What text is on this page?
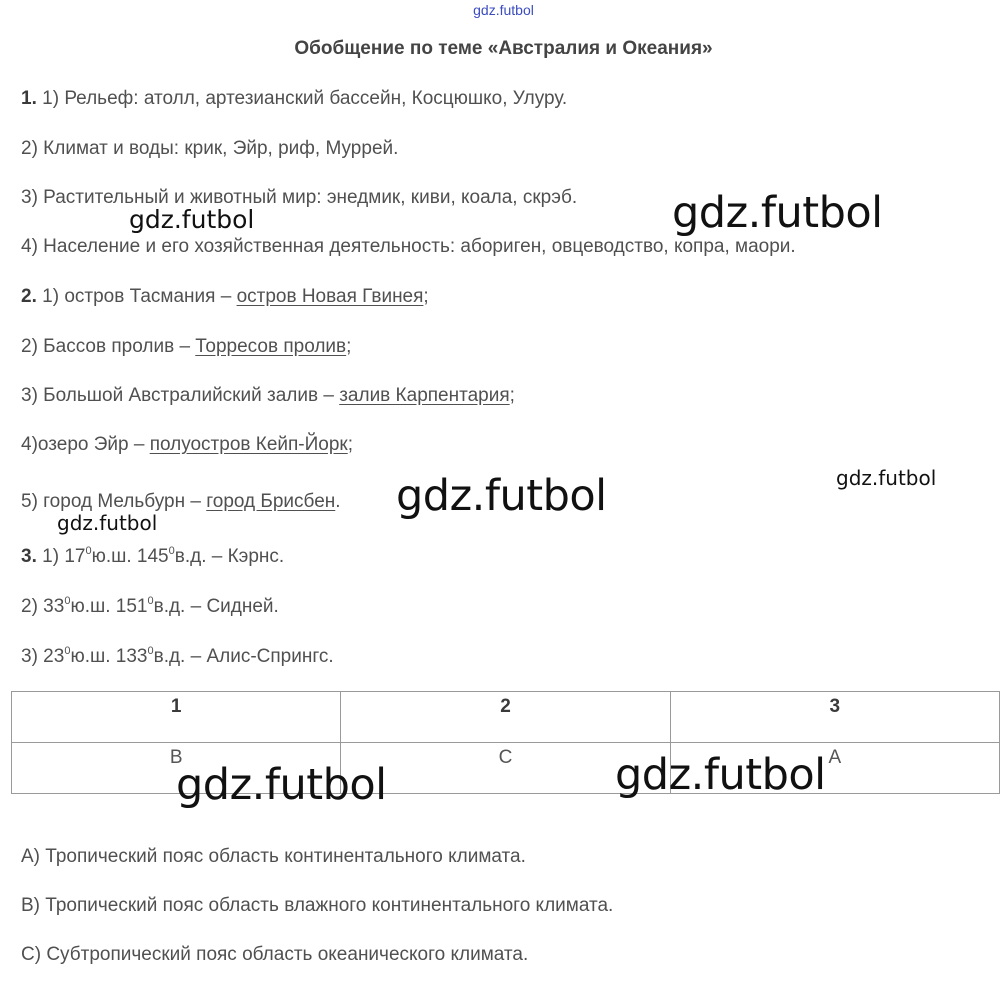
gdz.futbol
Обобщение по теме «Австралия и Океания»
1. 1) Рельеф: атолл, артезианский бассейн, Косцюшко, Улуру.
2) Климат и воды: крик, Эйр, риф, Муррей.
3) Растительный и животный мир: энедмик, киви, коала, скрэб.
4) Население и его хозяйственная деятельность: абориген, овцеводство, копра, маори.
2. 1) остров Тасмания – остров Новая Гвинея;
2) Бассов пролив – Торресов пролив;
3) Большой Австралийский залив – залив Карпентария;
4)озеро Эйр – полуостров Кейп-Йорк;
5) город Мельбурн – город Брисбен.
3. 1) $17^0ю.ш$. $145^0в.д$. – Кэрнс.
2) $33^0ю.ш$. $151^0в.д$. – Сидней.
3) $23^0ю.ш$. $133^0в.д$. – Алис-Спрингс.
1	2	3
В	С	А
А) Тропический пояс область континентального климата.
В) Тропический пояс область влажного континентального климата.
С) Субтропический пояс область океанического климата.
gdz.futbol	gdz.futbol
gdz.futbol	gdz.futbol
gdz.futbol
gdz.futbol	gdz.futbol
